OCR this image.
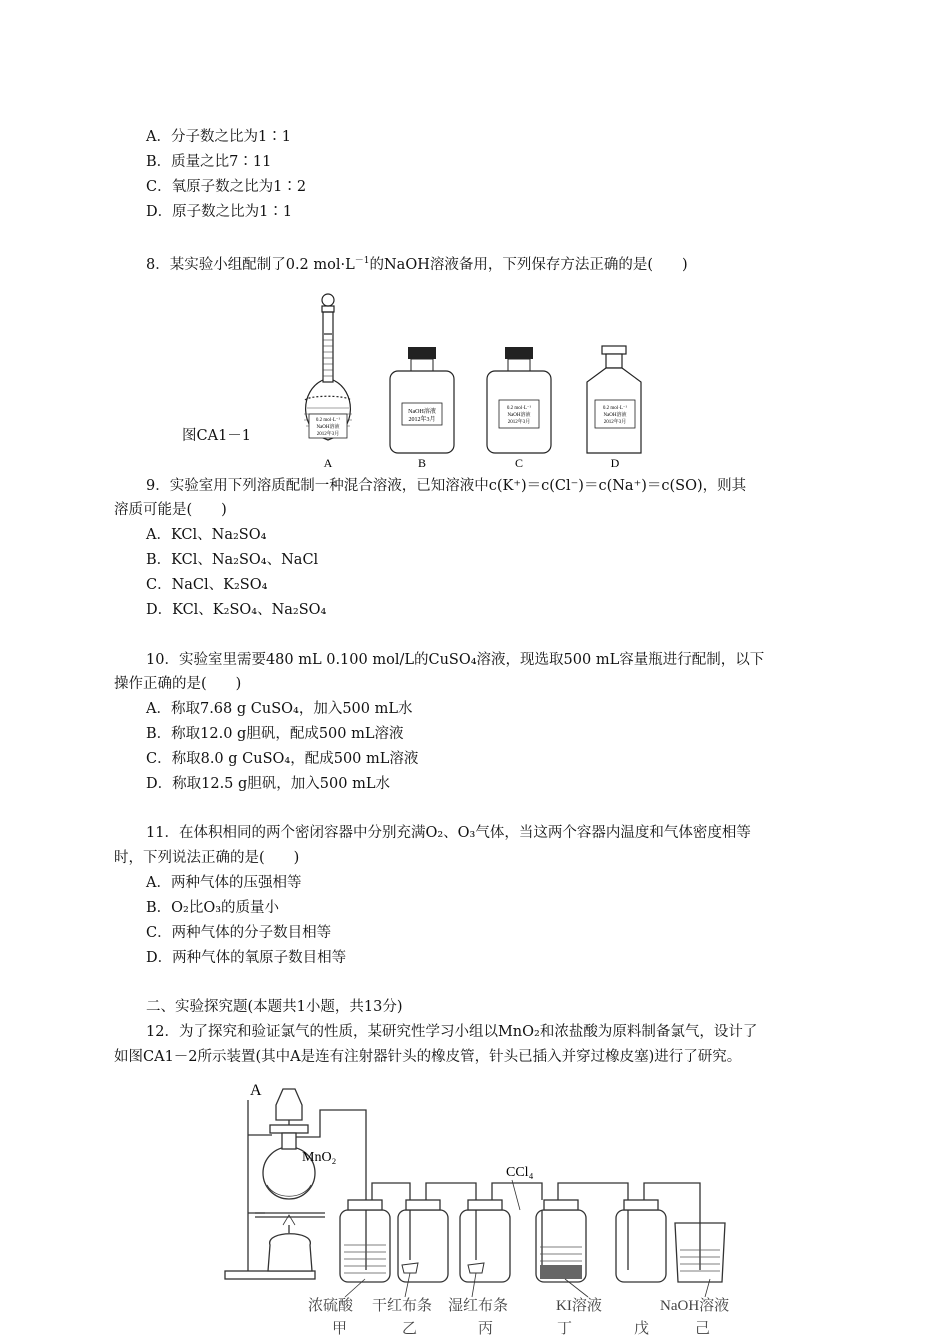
A．分子数之比为1∶1
B．质量之比7∶11
C．氧原子数之比为1∶2
D．原子数之比为1∶1
8．某实验小组配制了0.2 $mol\cdot L^{-1}$的NaOH溶液备用，下列保存方法正确的是(　　)
图CA1－1
0.2 mol·L⁻¹
NaOH溶液
2012年3月
NaOH溶液
2012年3月
0.2 mol·L⁻¹
NaOH溶液
2012年3月
0.2 mol·L⁻¹
NaOH溶液
2012年3月
A	B	C	D
9．实验室用下列溶质配制一种混合溶液，已知溶液中c(K⁺)＝c(Cl⁻)＝c(Na⁺)＝c(SO)，则其
溶质可能是(　　)
A．KCl、Na₂SO₄
B．KCl、Na₂SO₄、NaCl
C．NaCl、K₂SO₄
D．KCl、K₂SO₄、Na₂SO₄
10．实验室里需要480 mL 0.100 mol/L的CuSO₄溶液，现选取500 mL容量瓶进行配制，以下
操作正确的是(　　)
A．称取7.68 g CuSO₄，加入500 mL水
B．称取12.0 g胆矾，配成500 mL溶液
C．称取8.0 g CuSO₄，配成500 mL溶液
D．称取12.5 g胆矾，加入500 mL水
11．在体积相同的两个密闭容器中分别充满O₂、O₃气体，当这两个容器内温度和气体密度相等
时，下列说法正确的是(　　)
A．两种气体的压强相等
B．O₂比O₃的质量小
C．两种气体的分子数目相等
D．两种气体的氧原子数目相等
二、实验探究题(本题共1小题，共13分)
12．为了探究和验证氯气的性质，某研究性学习小组以MnO₂和浓盐酸为原料制备氯气，设计了
如图CA1－2所示装置(其中A是连有注射器针头的橡皮管，针头已插入并穿过橡皮塞)进行了研究。
A
MnO₂
CCl₄
浓硫酸 干红布条 湿红布条	KI溶液	NaOH溶液
甲	乙	丙	丁	戊	己
